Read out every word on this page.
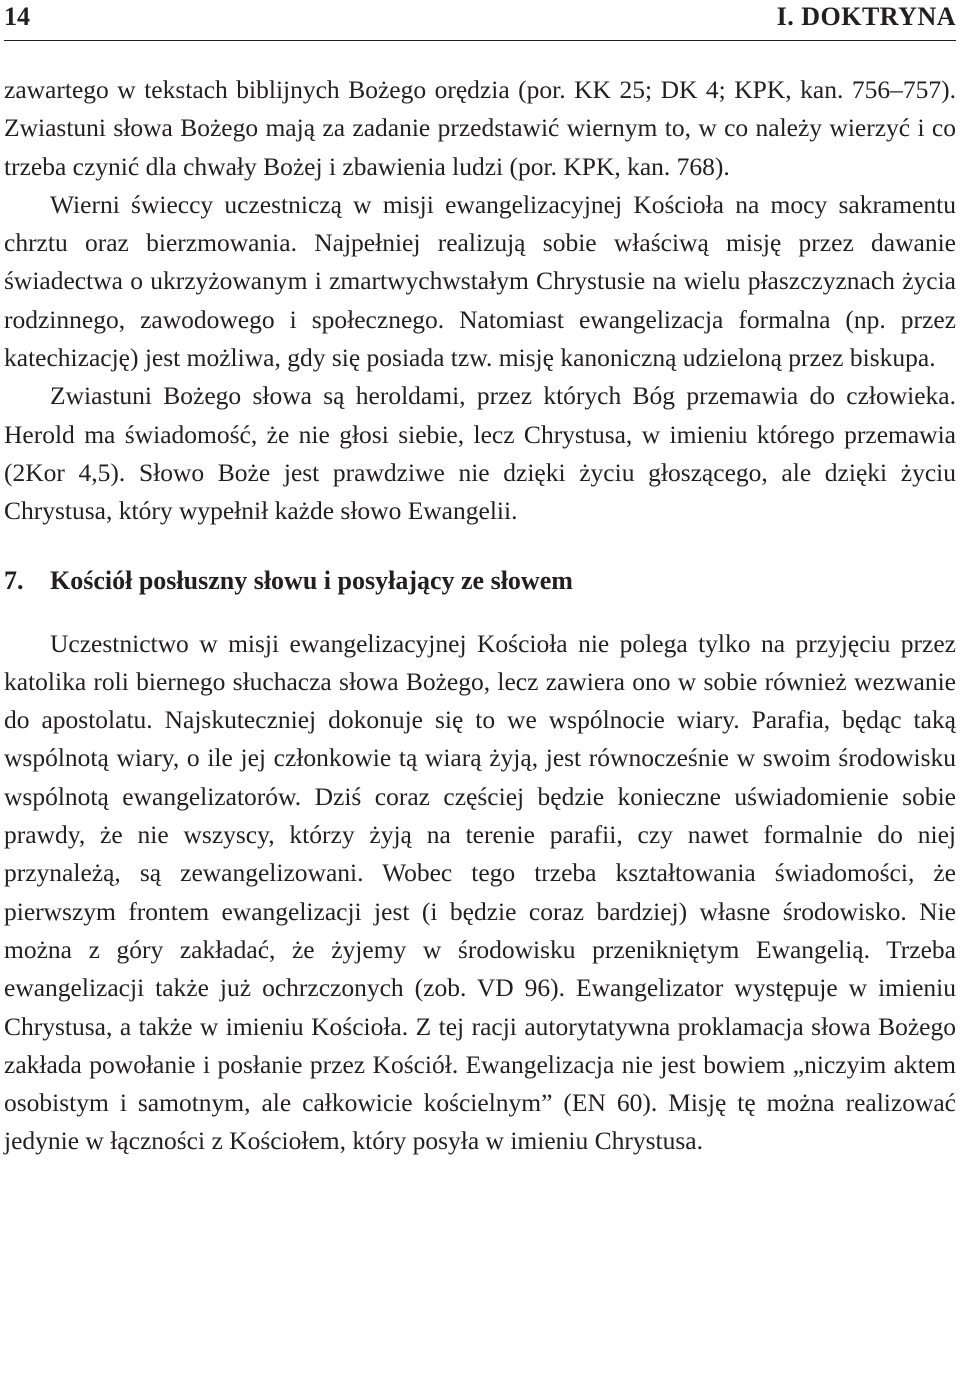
14	I. DOKTRYNA

zawartego w tekstach biblijnych Bożego orędzia (por. KK 25; DK 4; KPK, kan. 756–757). Zwiastuni słowa Bożego mają za zadanie przedstawić wiernym to, w co należy wierzyć i co trzeba czynić dla chwały Bożej i zbawienia ludzi (por. KPK, kan. 768).

Wierni świeccy uczestniczą w misji ewangelizacyjnej Kościoła na mocy sakramentu chrztu oraz bierzmowania. Najpełniej realizują sobie właściwą misję przez dawanie świadectwa o ukrzyżowanym i zmartwychwstałym Chrystusie na wielu płaszczyznach życia rodzinnego, zawodowego i społecznego. Natomiast ewangelizacja formalna (np. przez katechizację) jest możliwa, gdy się posiada tzw. misję kanoniczną udzieloną przez biskupa.

Zwiastuni Bożego słowa są heroldami, przez których Bóg przemawia do człowieka. Herold ma świadomość, że nie głosi siebie, lecz Chrystusa, w imieniu którego przemawia (2Kor 4,5). Słowo Boże jest prawdziwe nie dzięki życiu głoszącego, ale dzięki życiu Chrystusa, który wypełnił każde słowo Ewangelii.

7.	Kościół posłuszny słowu i posyłający ze słowem

Uczestnictwo w misji ewangelizacyjnej Kościoła nie polega tylko na przyjęciu przez katolika roli biernego słuchacza słowa Bożego, lecz zawiera ono w sobie również wezwanie do apostolatu. Najskuteczniej dokonuje się to we wspólnocie wiary. Parafia, będąc taką wspólnotą wiary, o ile jej członkowie tą wiarą żyją, jest równocześnie w swoim środowisku wspólnotą ewangelizatorów. Dziś coraz częściej będzie konieczne uświadomienie sobie prawdy, że nie wszyscy, którzy żyją na terenie parafii, czy nawet formalnie do niej przynależą, są zewangelizowani. Wobec tego trzeba kształtowania świadomości, że pierwszym frontem ewangelizacji jest (i będzie coraz bardziej) własne środowisko. Nie można z góry zakładać, że żyjemy w środowisku przenikniętym Ewangelią. Trzeba ewangelizacji także już ochrzczonych (zob. VD 96). Ewangelizator występuje w imieniu Chrystusa, a także w imieniu Kościoła. Z tej racji autorytatywna proklamacja słowa Bożego zakłada powołanie i posłanie przez Kościół. Ewangelizacja nie jest bowiem „niczyim aktem osobistym i samotnym, ale całkowicie kościelnym” (EN 60). Misję tę można realizować jedynie w łączności z Kościołem, który posyła w imieniu Chrystusa.
